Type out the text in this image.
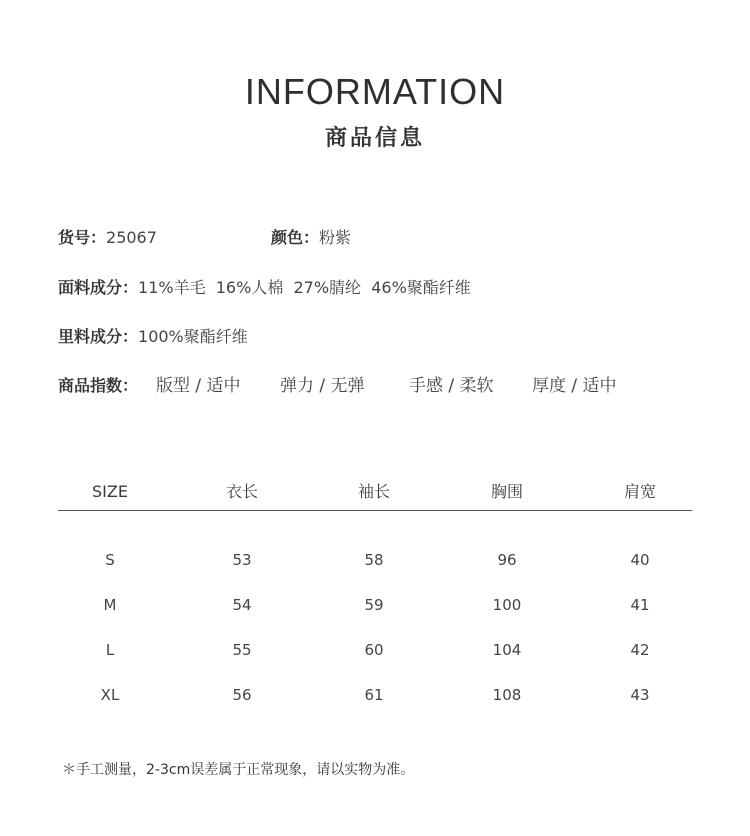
INFORMATION
商品信息
货号：25067	颜色：粉紫
面料成分：11%羊毛  16%人棉  27%腈纶  46%聚酯纤维
里料成分：100%聚酯纤维
商品指数： 版型 / 适中 弹力 / 无弹	手感 / 柔软 厚度 / 适中
SIZE	衣长	袖长	胸围	肩宽
S	53	58	96	40
M	54	59	100	41
L	55	60	104	42
XL	56	61	108	43
＊手工测量，2-3cm误差属于正常现象，请以实物为准。
